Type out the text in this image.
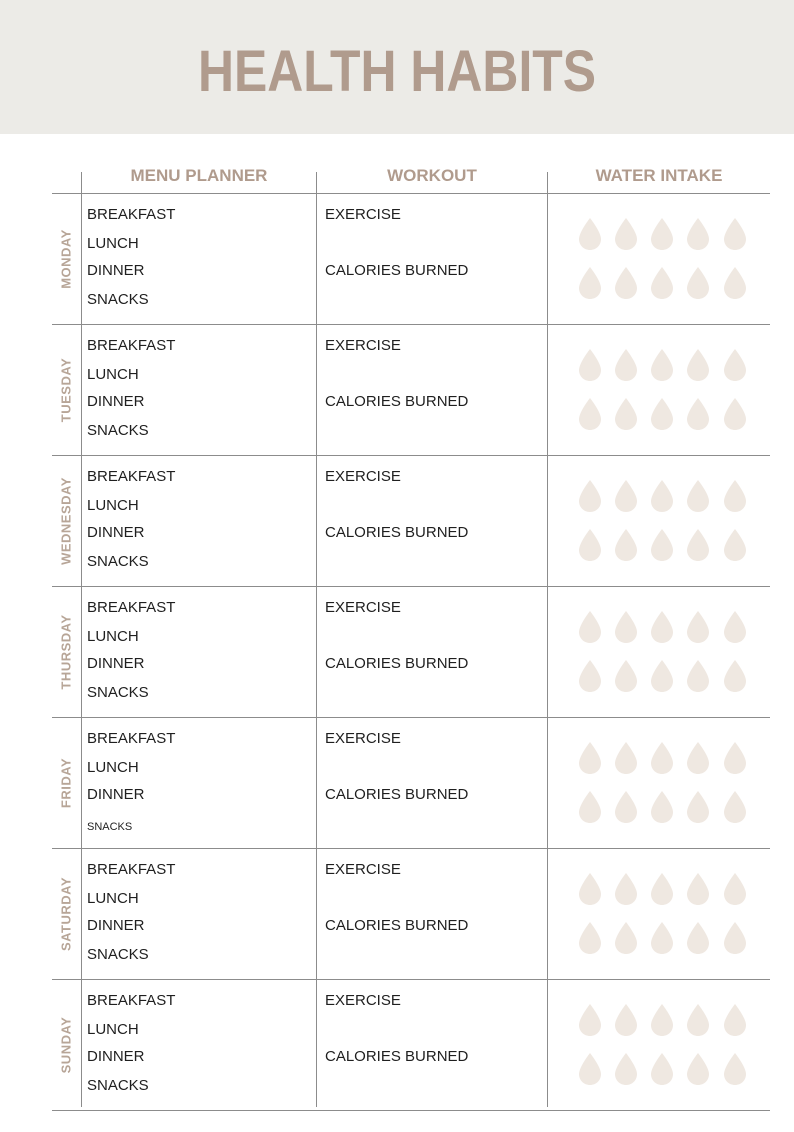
HEALTH HABITS
MENU PLANNER	WORKOUT	WATER INTAKE
MONDAY
BREAKFAST
LUNCH
DINNER
SNACKS
EXERCISE
CALORIES BURNED
TUESDAY
BREAKFAST
LUNCH
DINNER
SNACKS
EXERCISE
CALORIES BURNED
WEDNESDAY
BREAKFAST
LUNCH
DINNER
SNACKS
EXERCISE
CALORIES BURNED
THURSDAY
BREAKFAST
LUNCH
DINNER
SNACKS
EXERCISE
CALORIES BURNED
FRIDAY
BREAKFAST
LUNCH
DINNER
SNACKS
EXERCISE
CALORIES BURNED
SATURDAY
BREAKFAST
LUNCH
DINNER
SNACKS
EXERCISE
CALORIES BURNED
SUNDAY
BREAKFAST
LUNCH
DINNER
SNACKS
EXERCISE
CALORIES BURNED
